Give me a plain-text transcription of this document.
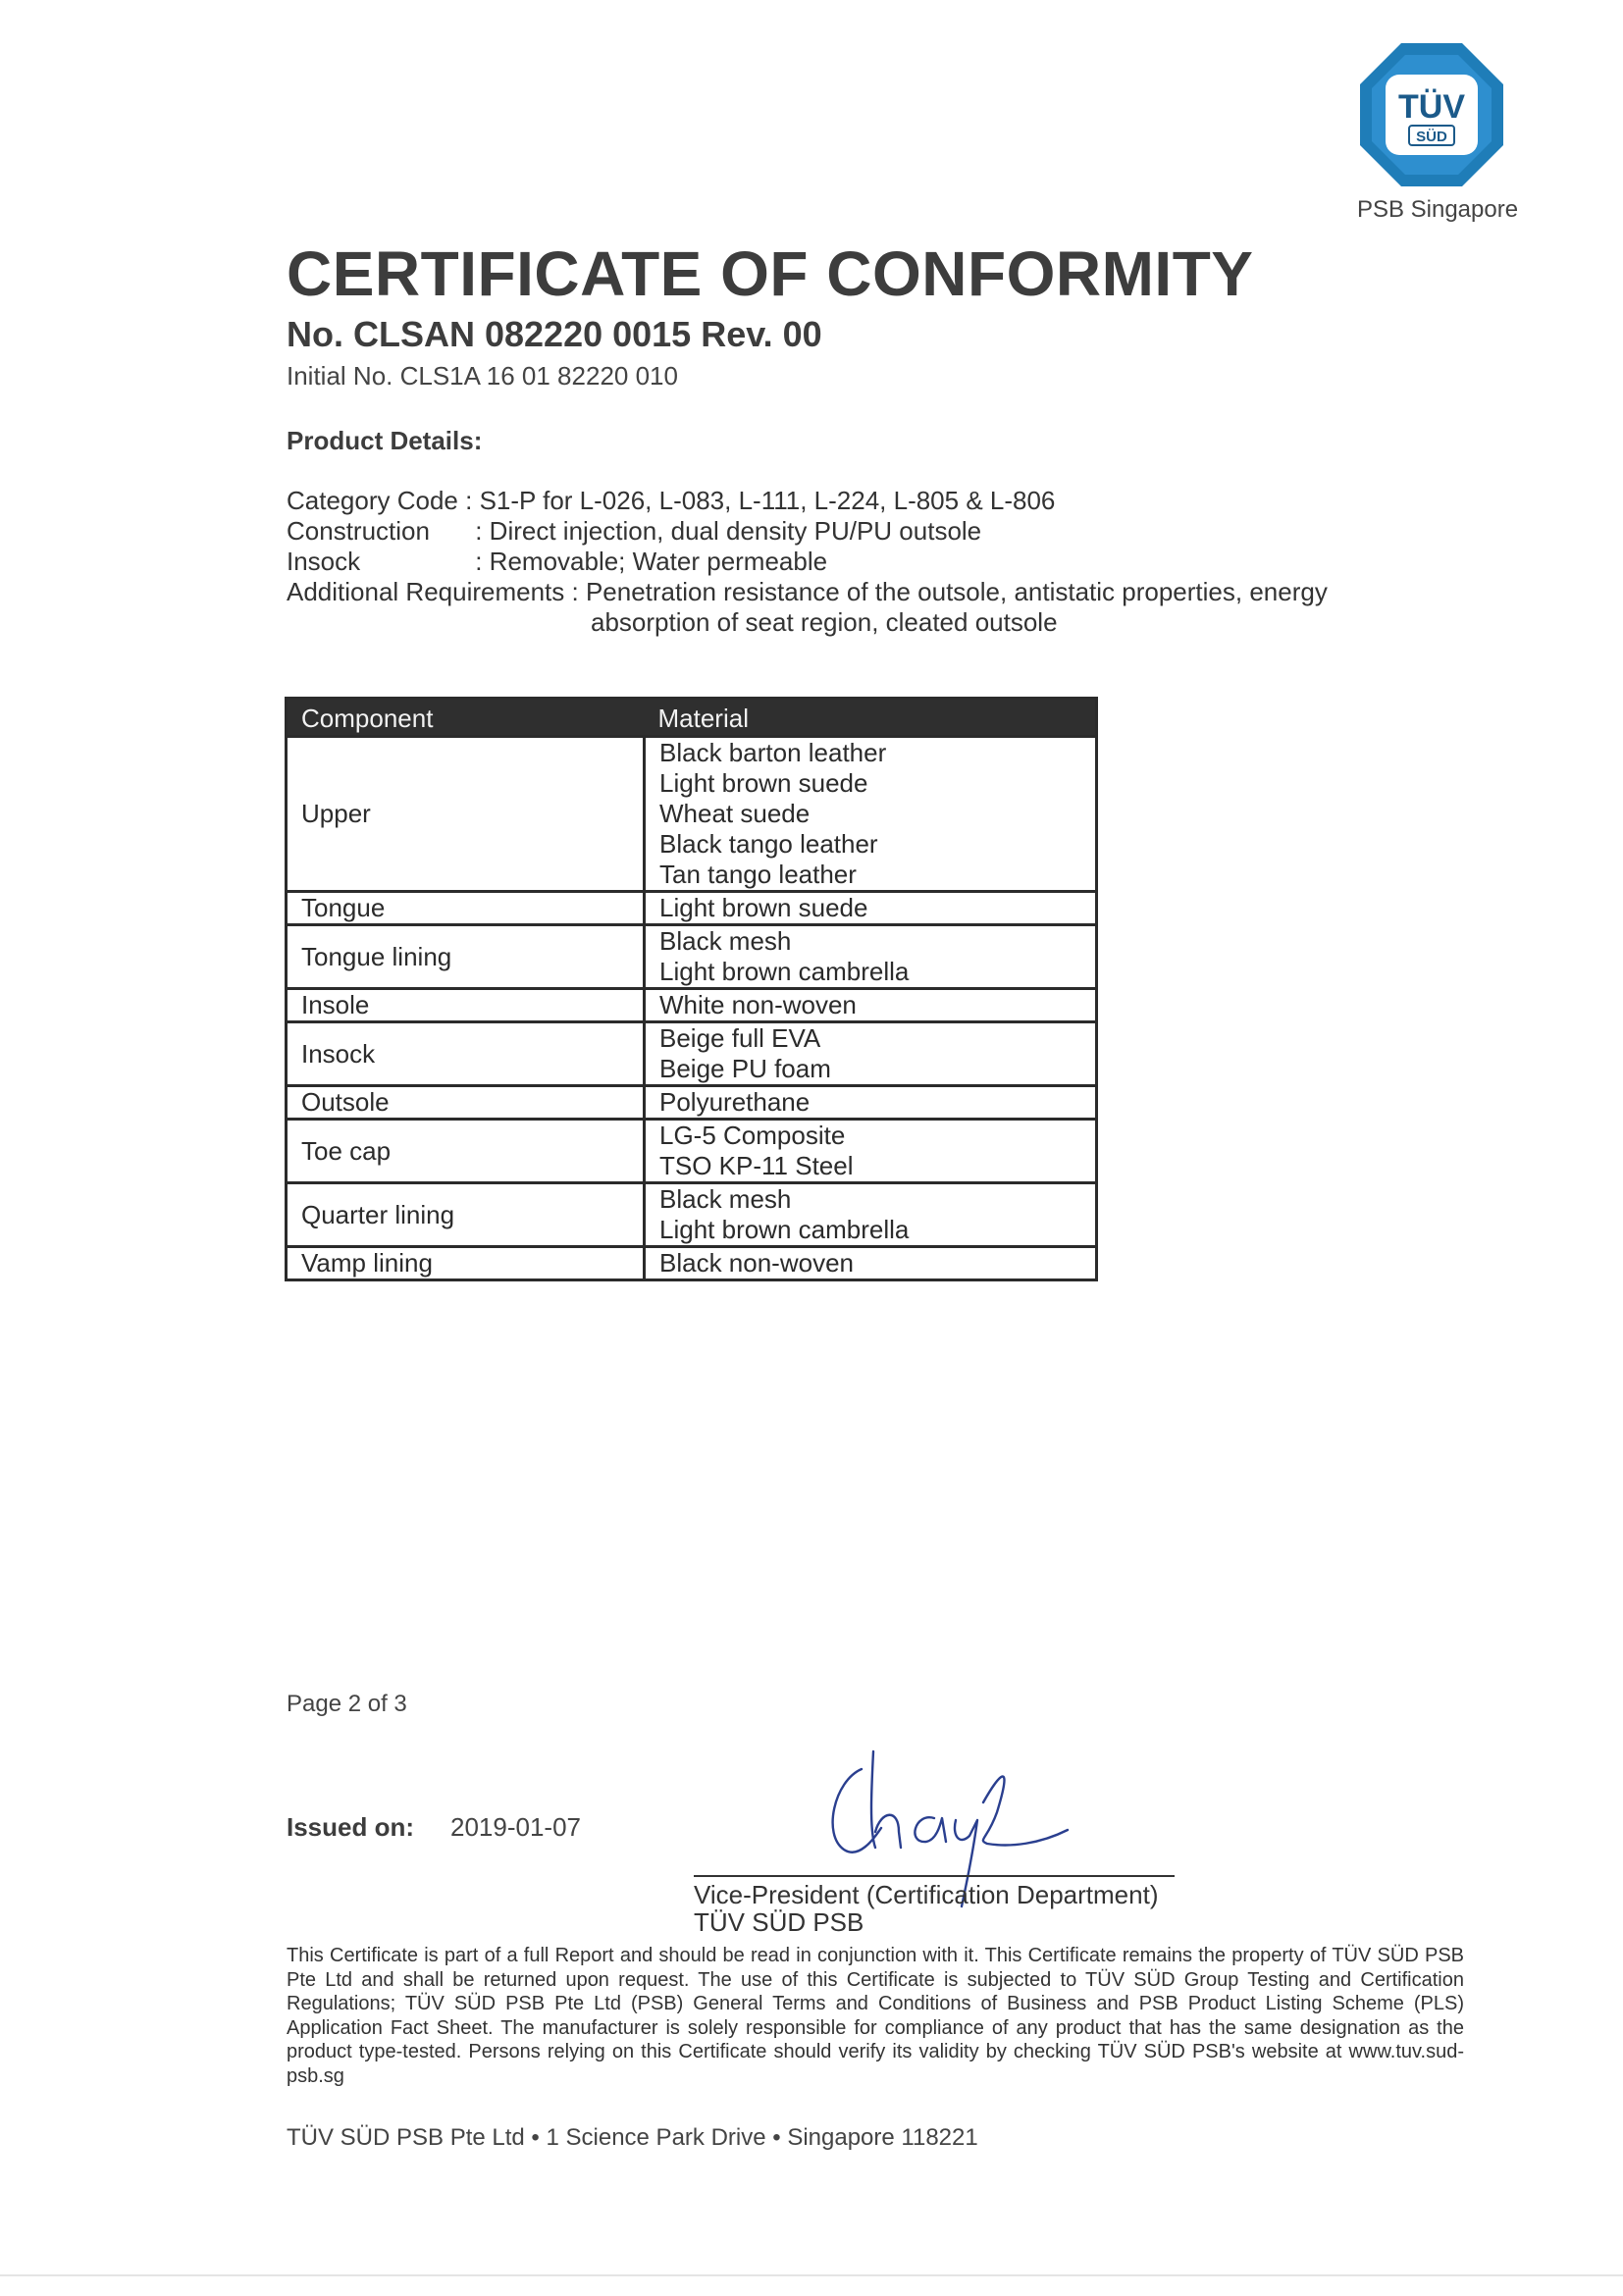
TÜV
SÜD
PSB Singapore
CERTIFICATE OF CONFORMITY
No. CLSAN 082220 0015 Rev. 00
Initial No. CLS1A 16 01 82220 010
Product Details:
Category Code : S1-P for L-026, L-083, L-111, L-224, L-805 & L-806
Construction	: Direct injection, dual density PU/PU outsole
Insock	: Removable; Water permeable
Additional Requirements : Penetration resistance of the outsole, antistatic properties, energy
absorption of seat region, cleated outsole
Component	Material
Upper	Black barton leather
Light brown suede
Wheat suede
Black tango leather
Tan tango leather

Tongue	Light brown suede

Tongue lining	Black mesh
Light brown cambrella

Insole	White non-woven

Insock	Beige full EVA
Beige PU foam

Outsole	Polyurethane

Toe cap	LG-5 Composite
TSO KP-11 Steel

Quarter lining	Black mesh
Light brown cambrella

Vamp lining	Black non-woven
Page 2 of 3
Issued on: 2019-01-07
Vice-President (Certification Department)
TÜV SÜD PSB
This Certificate is part of a full Report and should be read in conjunction with it. This Certificate remains the property of TÜV SÜD PSB Pte Ltd and shall be returned upon request. The use of this Certificate is subjected to TÜV SÜD Group Testing and Certification Regulations; TÜV SÜD PSB Pte Ltd (PSB) General Terms and Conditions of Business and PSB Product Listing Scheme (PLS) Application Fact Sheet. The manufacturer is solely responsible for compliance of any product that has the same designation as the product type-tested. Persons relying on this Certificate should verify its validity by checking TÜV SÜD PSB's website at www.tuv.sud-psb.sg
TÜV SÜD PSB Pte Ltd • 1 Science Park Drive • Singapore 118221
